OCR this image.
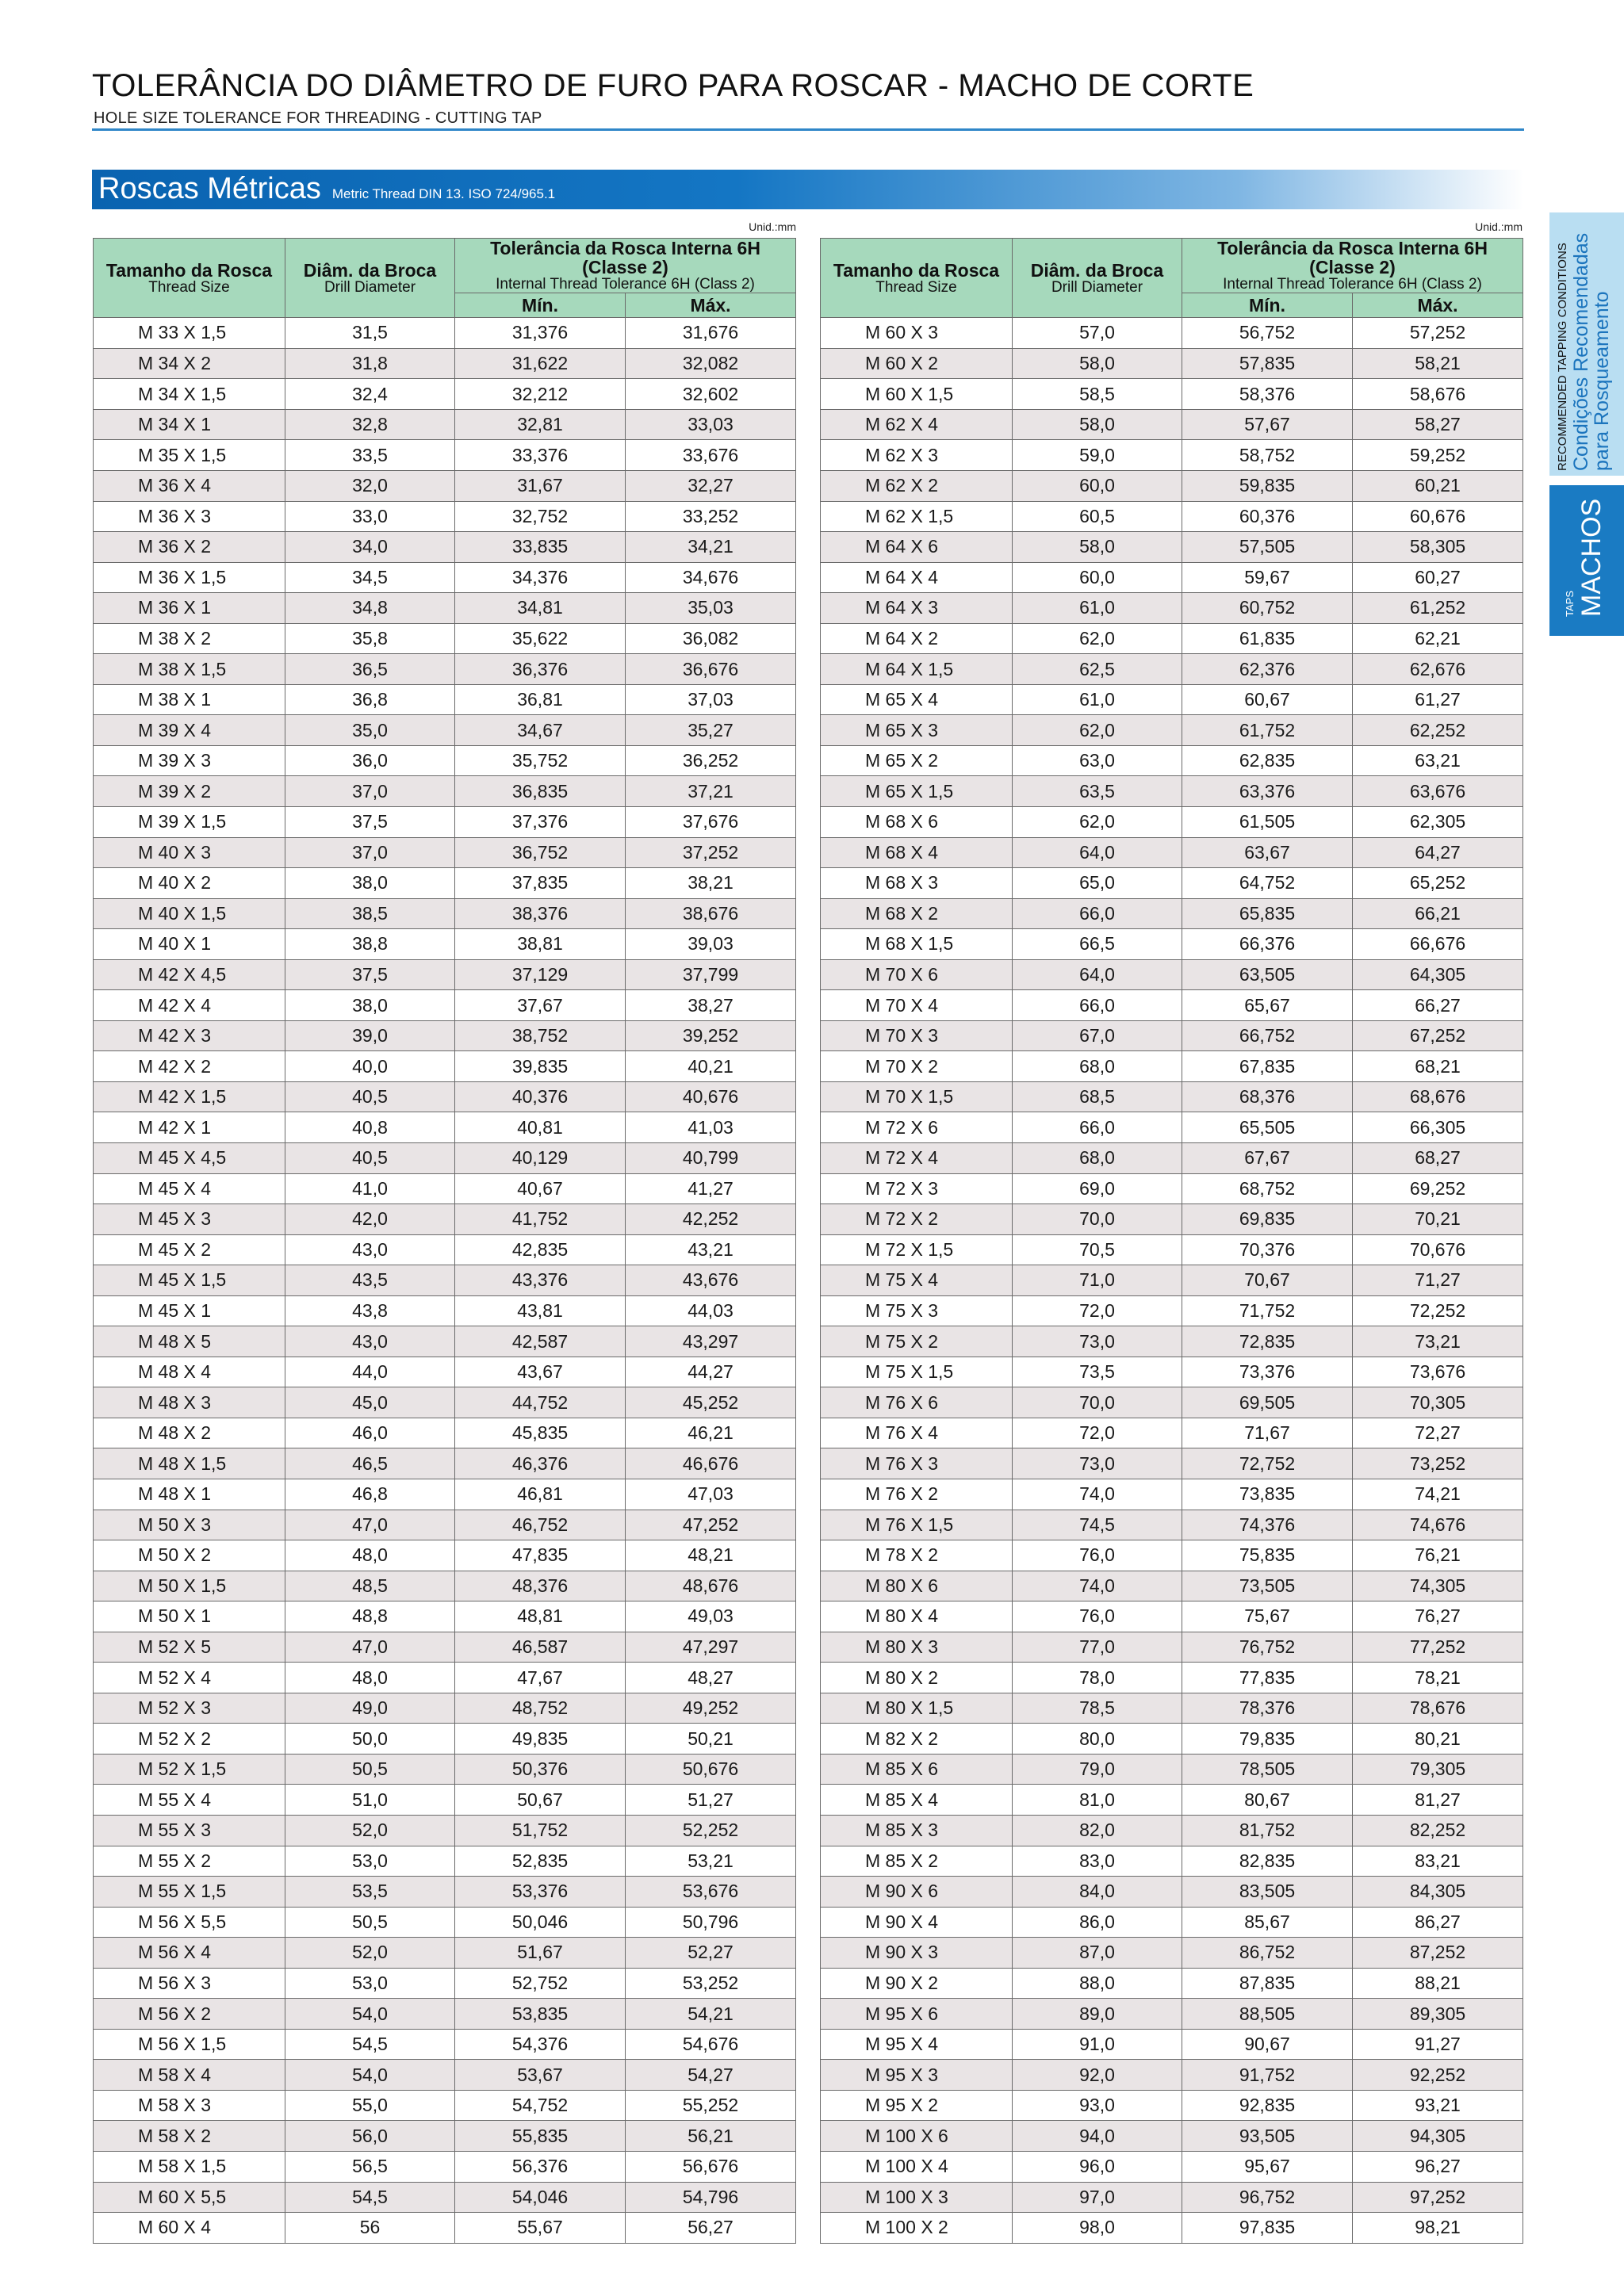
TOLERÂNCIA DO DIÂMETRO DE FURO PARA ROSCAR - MACHO DE CORTE
HOLE SIZE TOLERANCE FOR THREADING - CUTTING TAP
Roscas Métricas Metric Thread DIN 13. ISO 724/965.1
Unid.:mm	Unid.:mm
Tamanho da Rosca
Thread Size	Diâm. da Broca
Drill Diameter	Tolerância da Rosca Interna 6H (Classe 2)
Internal Thread Tolerance 6H (Class 2)	

		Mín.	Máx.
M 33 X 1,5	31,5	31,376	31,676
M 34 X 2	31,8	31,622	32,082
M 34 X 1,5	32,4	32,212	32,602
M 34 X 1	32,8	32,81	33,03
M 35 X 1,5	33,5	33,376	33,676
M 36 X 4	32,0	31,67	32,27
M 36 X 3	33,0	32,752	33,252
M 36 X 2	34,0	33,835	34,21
M 36 X 1,5	34,5	34,376	34,676
M 36 X 1	34,8	34,81	35,03
M 38 X 2	35,8	35,622	36,082
M 38 X 1,5	36,5	36,376	36,676
M 38 X 1	36,8	36,81	37,03
M 39 X 4	35,0	34,67	35,27
M 39 X 3	36,0	35,752	36,252
M 39 X 2	37,0	36,835	37,21
M 39 X 1,5	37,5	37,376	37,676
M 40 X 3	37,0	36,752	37,252
M 40 X 2	38,0	37,835	38,21
M 40 X 1,5	38,5	38,376	38,676
M 40 X 1	38,8	38,81	39,03
M 42 X 4,5	37,5	37,129	37,799
M 42 X 4	38,0	37,67	38,27
M 42 X 3	39,0	38,752	39,252
M 42 X 2	40,0	39,835	40,21
M 42 X 1,5	40,5	40,376	40,676
M 42 X 1	40,8	40,81	41,03
M 45 X 4,5	40,5	40,129	40,799
M 45 X 4	41,0	40,67	41,27
M 45 X 3	42,0	41,752	42,252
M 45 X 2	43,0	42,835	43,21
M 45 X 1,5	43,5	43,376	43,676
M 45 X 1	43,8	43,81	44,03
M 48 X 5	43,0	42,587	43,297
M 48 X 4	44,0	43,67	44,27
M 48 X 3	45,0	44,752	45,252
M 48 X 2	46,0	45,835	46,21
M 48 X 1,5	46,5	46,376	46,676
M 48 X 1	46,8	46,81	47,03
M 50 X 3	47,0	46,752	47,252
M 50 X 2	48,0	47,835	48,21
M 50 X 1,5	48,5	48,376	48,676
M 50 X 1	48,8	48,81	49,03
M 52 X 5	47,0	46,587	47,297
M 52 X 4	48,0	47,67	48,27
M 52 X 3	49,0	48,752	49,252
M 52 X 2	50,0	49,835	50,21
M 52 X 1,5	50,5	50,376	50,676
M 55 X 4	51,0	50,67	51,27
M 55 X 3	52,0	51,752	52,252
M 55 X 2	53,0	52,835	53,21
M 55 X 1,5	53,5	53,376	53,676
M 56 X 5,5	50,5	50,046	50,796
M 56 X 4	52,0	51,67	52,27
M 56 X 3	53,0	52,752	53,252
M 56 X 2	54,0	53,835	54,21
M 56 X 1,5	54,5	54,376	54,676
M 58 X 4	54,0	53,67	54,27
M 58 X 3	55,0	54,752	55,252
M 58 X 2	56,0	55,835	56,21
M 58 X 1,5	56,5	56,376	56,676
M 60 X 5,5	54,5	54,046	54,796
M 60 X 4	56	55,67	56,27
Tamanho da Rosca
Thread Size	Diâm. da Broca
Drill Diameter	Tolerância da Rosca Interna 6H (Classe 2)
Internal Thread Tolerance 6H (Class 2)	

		Mín.	Máx.
M 60 X 3	57,0	56,752	57,252
M 60 X 2	58,0	57,835	58,21
M 60 X 1,5	58,5	58,376	58,676
M 62 X 4	58,0	57,67	58,27
M 62 X 3	59,0	58,752	59,252
M 62 X 2	60,0	59,835	60,21
M 62 X 1,5	60,5	60,376	60,676
M 64 X 6	58,0	57,505	58,305
M 64 X 4	60,0	59,67	60,27
M 64 X 3	61,0	60,752	61,252
M 64 X 2	62,0	61,835	62,21
M 64 X 1,5	62,5	62,376	62,676
M 65 X 4	61,0	60,67	61,27
M 65 X 3	62,0	61,752	62,252
M 65 X 2	63,0	62,835	63,21
M 65 X 1,5	63,5	63,376	63,676
M 68 X 6	62,0	61,505	62,305
M 68 X 4	64,0	63,67	64,27
M 68 X 3	65,0	64,752	65,252
M 68 X 2	66,0	65,835	66,21
M 68 X 1,5	66,5	66,376	66,676
M 70 X 6	64,0	63,505	64,305
M 70 X 4	66,0	65,67	66,27
M 70 X 3	67,0	66,752	67,252
M 70 X 2	68,0	67,835	68,21
M 70 X 1,5	68,5	68,376	68,676
M 72 X 6	66,0	65,505	66,305
M 72 X 4	68,0	67,67	68,27
M 72 X 3	69,0	68,752	69,252
M 72 X 2	70,0	69,835	70,21
M 72 X 1,5	70,5	70,376	70,676
M 75 X 4	71,0	70,67	71,27
M 75 X 3	72,0	71,752	72,252
M 75 X 2	73,0	72,835	73,21
M 75 X 1,5	73,5	73,376	73,676
M 76 X 6	70,0	69,505	70,305
M 76 X 4	72,0	71,67	72,27
M 76 X 3	73,0	72,752	73,252
M 76 X 2	74,0	73,835	74,21
M 76 X 1,5	74,5	74,376	74,676
M 78 X 2	76,0	75,835	76,21
M 80 X 6	74,0	73,505	74,305
M 80 X 4	76,0	75,67	76,27
M 80 X 3	77,0	76,752	77,252
M 80 X 2	78,0	77,835	78,21
M 80 X 1,5	78,5	78,376	78,676
M 82 X 2	80,0	79,835	80,21
M 85 X 6	79,0	78,505	79,305
M 85 X 4	81,0	80,67	81,27
M 85 X 3	82,0	81,752	82,252
M 85 X 2	83,0	82,835	83,21
M 90 X 6	84,0	83,505	84,305
M 90 X 4	86,0	85,67	86,27
M 90 X 3	87,0	86,752	87,252
M 90 X 2	88,0	87,835	88,21
M 95 X 6	89,0	88,505	89,305
M 95 X 4	91,0	90,67	91,27
M 95 X 3	92,0	91,752	92,252
M 95 X 2	93,0	92,835	93,21
M 100 X 6	94,0	93,505	94,305
M 100 X 4	96,0	95,67	96,27
M 100 X 3	97,0	96,752	97,252
M 100 X 2	98,0	97,835	98,21
RECOMMENDED TAPPING CONDITIONS Condições Recomendadas
para Rosqueamento
TAPS MACHOS
